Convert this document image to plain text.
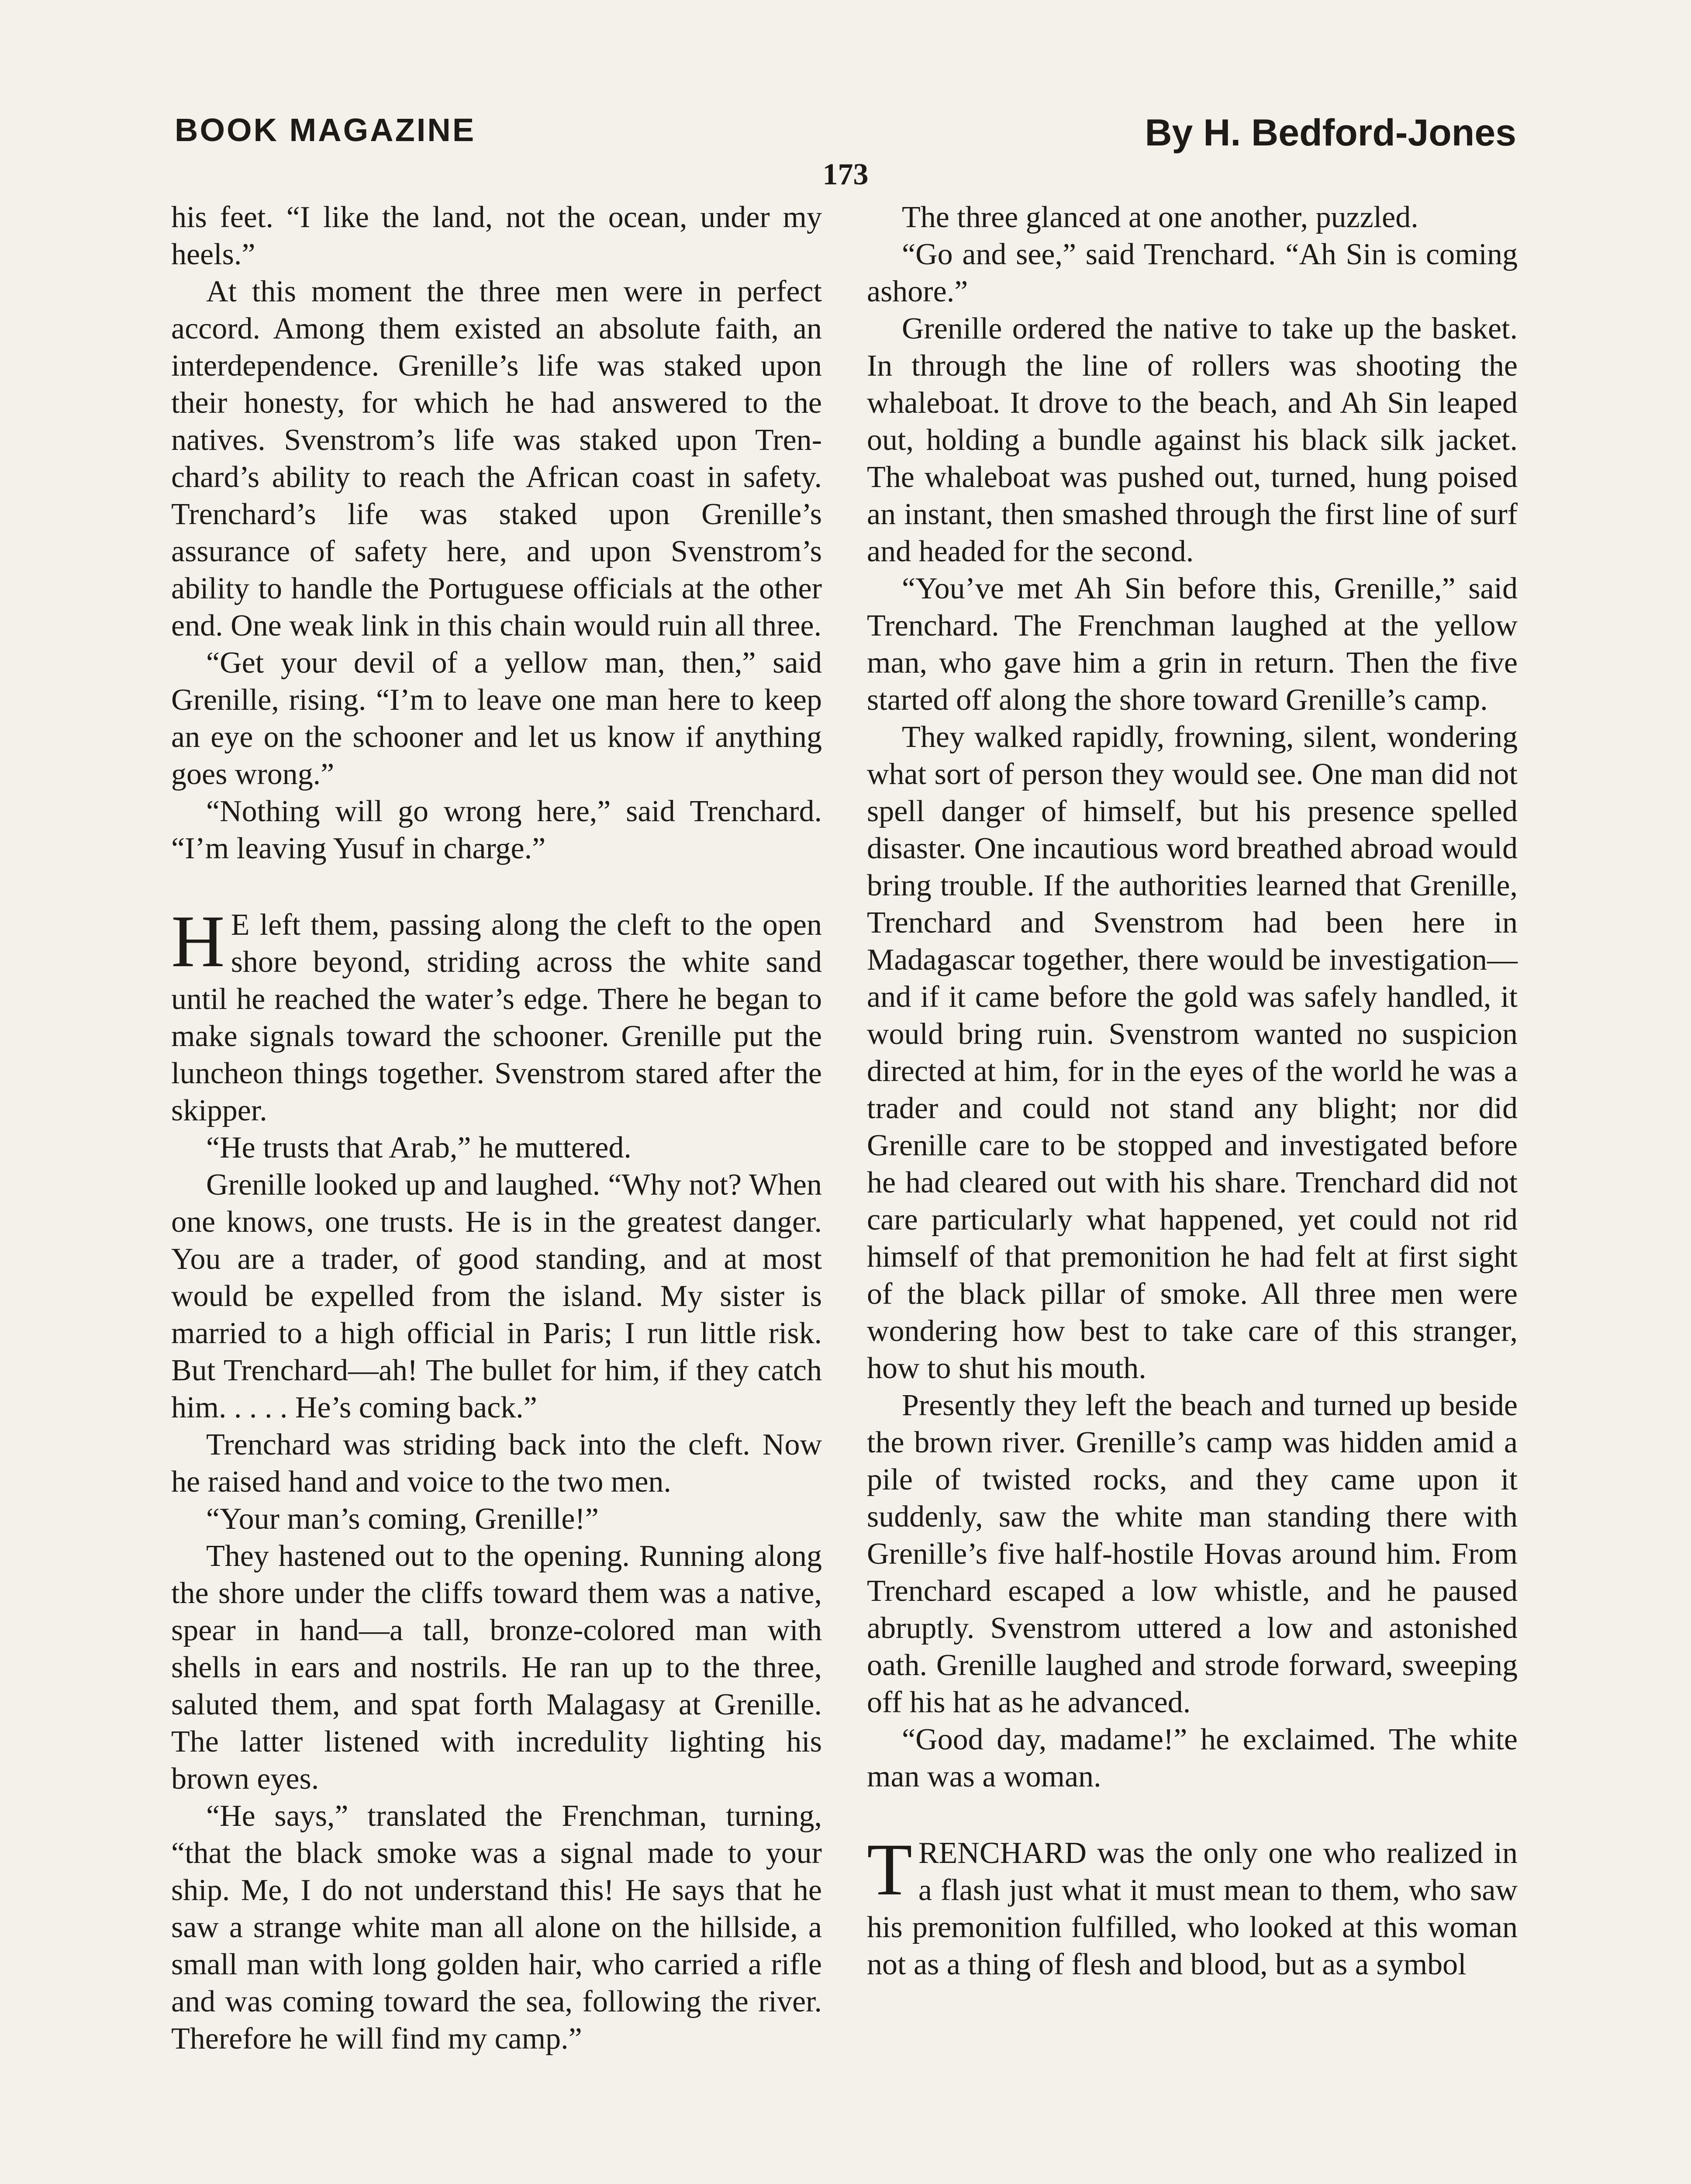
BOOK MAGAZINE	By H. Bedford-Jones
173

his feet. “I like the land, not the ocean, under my heels.”

At this moment the three men were in perfect accord. Among them existed an absolute faith, an interdependence. Grenille’s life was staked upon their honesty, for which he had answered to the natives. Svenstrom’s life was staked upon Trenchard’s ability to reach the African coast in safety. Trenchard’s life was staked upon Grenille’s assurance of safety here, and upon Svenstrom’s ability to handle the Portuguese officials at the other end. One weak link in this chain would ruin all three.

“Get your devil of a yellow man, then,” said Grenille, rising. “I’m to leave one man here to keep an eye on the schooner and let us know if anything goes wrong.”

“Nothing will go wrong here,” said Trenchard. “I’m leaving Yusuf in charge.”

H E left them, passing along the cleft to the open shore beyond, striding across the white sand until he reached the water’s edge. There he began to make signals toward the schooner. Grenille put the luncheon things together. Svenstrom stared after the skipper.

“He trusts that Arab,” he muttered.

Grenille looked up and laughed. “Why not? When one knows, one trusts. He is in the greatest danger. You are a trader, of good standing, and at most would be expelled from the island. My sister is married to a high official in Paris; I run little risk. But Trenchard—ah! The bullet for him, if they catch him. . . . . He’s coming back.”

Trenchard was striding back into the cleft. Now he raised hand and voice to the two men.

“Your man’s coming, Grenille!”

They hastened out to the opening. Running along the shore under the cliffs toward them was a native, spear in hand—a tall, bronze-colored man with shells in ears and nostrils. He ran up to the three, saluted them, and spat forth Malagasy at Grenille. The latter listened with incredulity lighting his brown eyes.

“He says,” translated the Frenchman, turning, “that the black smoke was a signal made to your ship. Me, I do not understand this! He says that he saw a strange white man all alone on the hillside, a small man with long golden hair, who carried a rifle and was coming toward the sea, following the river. Therefore he will find my camp.”

The three glanced at one another, puzzled.

“Go and see,” said Trenchard. “Ah Sin is coming ashore.”

Grenille ordered the native to take up the basket. In through the line of rollers was shooting the whaleboat. It drove to the beach, and Ah Sin leaped out, holding a bundle against his black silk jacket. The whaleboat was pushed out, turned, hung poised an instant, then smashed through the first line of surf and headed for the second.

“You’ve met Ah Sin before this, Grenille,” said Trenchard. The Frenchman laughed at the yellow man, who gave him a grin in return. Then the five started off along the shore toward Grenille’s camp.

They walked rapidly, frowning, silent, wondering what sort of person they would see. One man did not spell danger of himself, but his presence spelled disaster. One incautious word breathed abroad would bring trouble. If the authorities learned that Grenille, Trenchard and Svenstrom had been here in Madagascar together, there would be investigation—and if it came before the gold was safely handled, it would bring ruin. Svenstrom wanted no suspicion directed at him, for in the eyes of the world he was a trader and could not stand any blight; nor did Grenille care to be stopped and investigated before he had cleared out with his share. Trenchard did not care particularly what happened, yet could not rid himself of that premonition he had felt at first sight of the black pillar of smoke. All three men were wondering how best to take care of this stranger, how to shut his mouth.

Presently they left the beach and turned up beside the brown river. Grenille’s camp was hidden amid a pile of twisted rocks, and they came upon it suddenly, saw the white man standing there with Grenille’s five half-hostile Hovas around him. From Trenchard escaped a low whistle, and he paused abruptly. Svenstrom uttered a low and astonished oath. Grenille laughed and strode forward, sweeping off his hat as he advanced.

“Good day, madame!” he exclaimed. The white man was a woman.

TRENCHARD was the only one who realized in a flash just what it must mean to them, who saw his premonition fulfilled, who looked at this woman not as a thing of flesh and blood, but as a symbol
